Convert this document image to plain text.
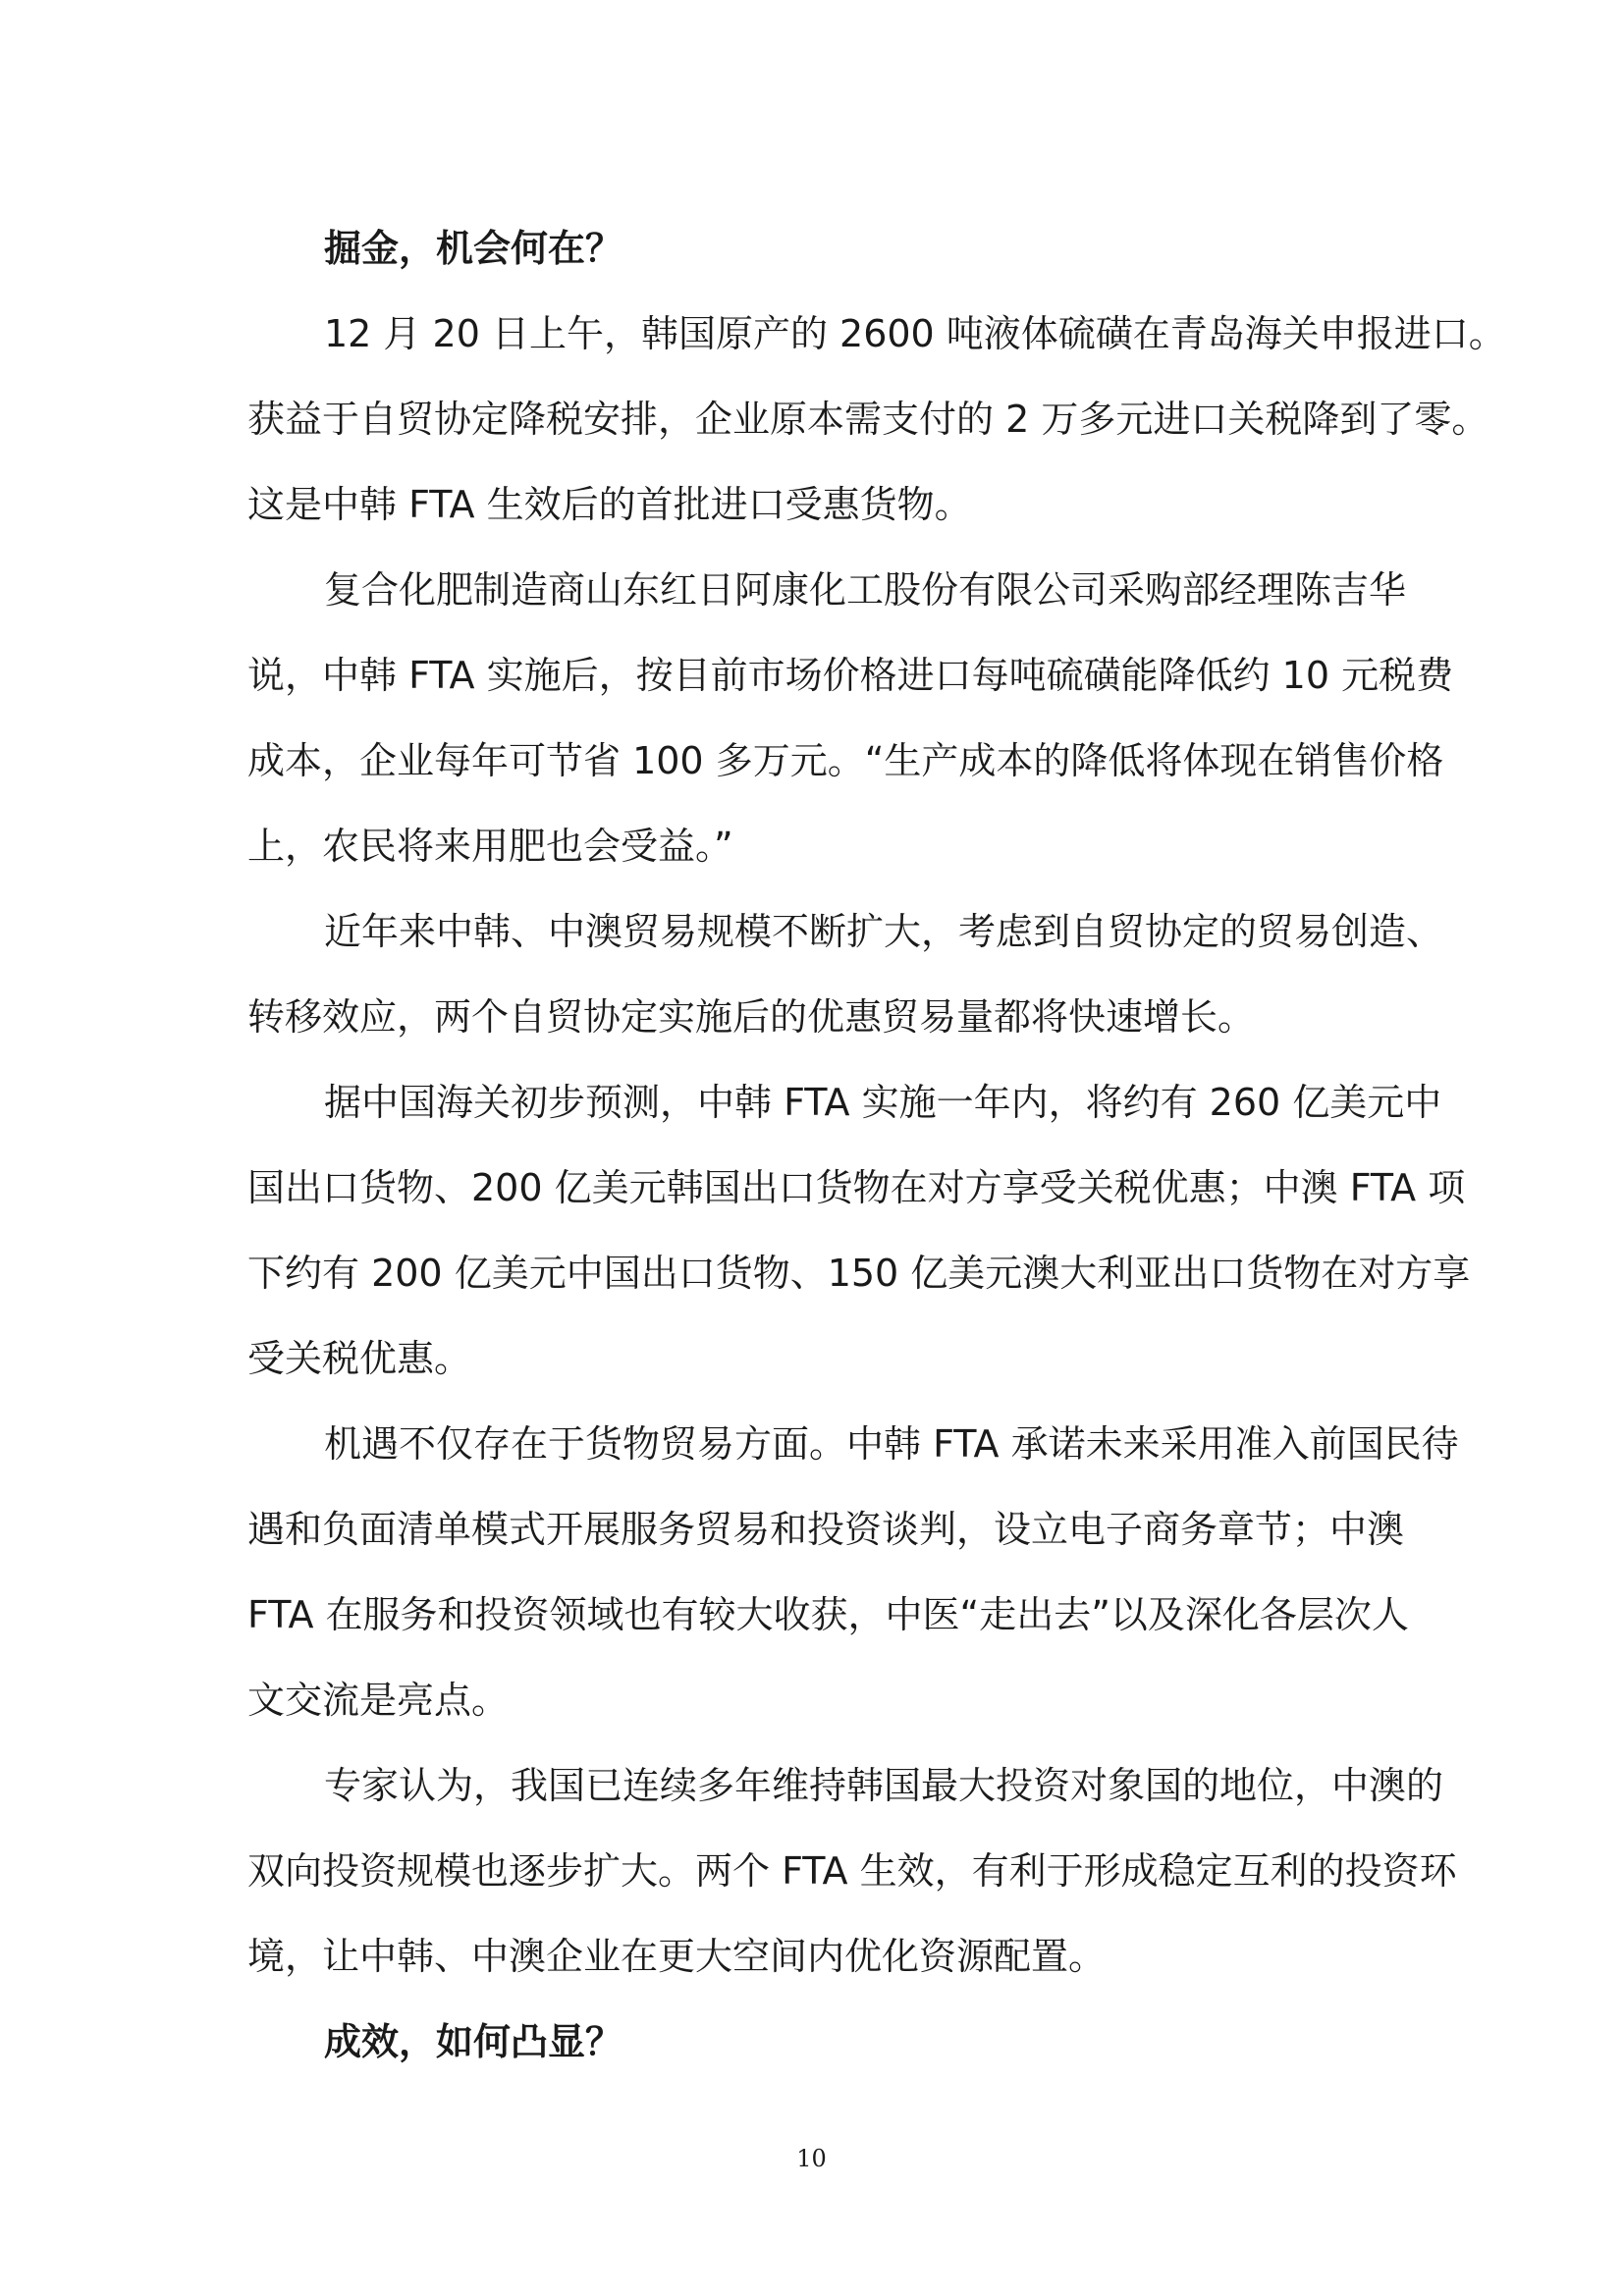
掘金，机会何在？
12 月 20 日上午，韩国原产的 2600 吨液体硫磺在青岛海关申报进口。
获益于自贸协定降税安排，企业原本需支付的 2 万多元进口关税降到了零。
这是中韩 FTA 生效后的首批进口受惠货物。
复合化肥制造商山东红日阿康化工股份有限公司采购部经理陈吉华
说，中韩 FTA 实施后，按目前市场价格进口每吨硫磺能降低约 10 元税费
成本，企业每年可节省 100 多万元。“生产成本的降低将体现在销售价格
上，农民将来用肥也会受益。”
近年来中韩、中澳贸易规模不断扩大，考虑到自贸协定的贸易创造、
转移效应，两个自贸协定实施后的优惠贸易量都将快速增长。
据中国海关初步预测，中韩 FTA 实施一年内，将约有 260 亿美元中
国出口货物、200 亿美元韩国出口货物在对方享受关税优惠；中澳 FTA 项
下约有 200 亿美元中国出口货物、150 亿美元澳大利亚出口货物在对方享
受关税优惠。
机遇不仅存在于货物贸易方面。中韩 FTA 承诺未来采用准入前国民待
遇和负面清单模式开展服务贸易和投资谈判，设立电子商务章节；中澳
FTA 在服务和投资领域也有较大收获，中医“走出去”以及深化各层次人
文交流是亮点。
专家认为，我国已连续多年维持韩国最大投资对象国的地位，中澳的
双向投资规模也逐步扩大。两个 FTA 生效，有利于形成稳定互利的投资环
境，让中韩、中澳企业在更大空间内优化资源配置。
成效，如何凸显？
10
